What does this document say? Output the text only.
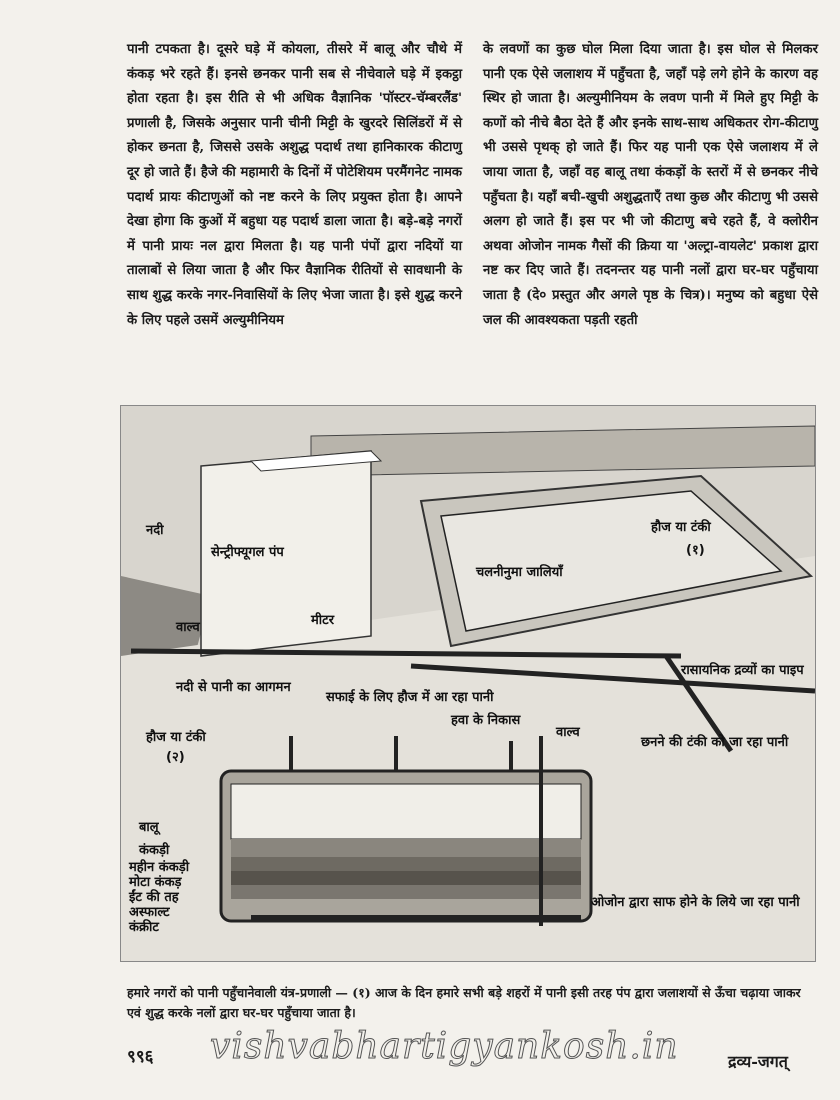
पानी टपकता है। दूसरे घड़े में कोयला, तीसरे में बालू और चौथे में कंकड़ भरे रहते हैं। इनसे छनकर पानी सब से नीचेवाले घड़े में इकट्ठा होता रहता है। इस रीति से भी अधिक वैज्ञानिक 'पॉस्टर-चॅम्बरलैंड' प्रणाली है, जिसके अनुसार पानी चीनी मिट्टी के खुरदरे सिलिंडरों में से होकर छनता है, जिससे उसके अशुद्ध पदार्थ तथा हानिकारक कीटाणु दूर हो जाते हैं। हैजे की महामारी के दिनों में पोटेशियम परमैंगनेट नामक पदार्थ प्रायः कीटाणुओं को नष्ट करने के लिए प्रयुक्त होता है। आपने देखा होगा कि कुओं में बहुधा यह पदार्थ डाला जाता है। बड़े-बड़े नगरों में पानी प्रायः नल द्वारा मिलता है। यह पानी पंपों द्वारा नदियों या तालाबों से लिया जाता है और फिर वैज्ञानिक रीतियों से सावधानी के साथ शुद्ध करके नगर-निवासियों के लिए भेजा जाता है। इसे शुद्ध करने के लिए पहले उसमें अल्युमीनियम
के लवणों का कुछ घोल मिला दिया जाता है। इस घोल से मिलकर पानी एक ऐसे जलाशय में पहुँचता है, जहाँ पड़े लगे होने के कारण वह स्थिर हो जाता है। अल्युमीनियम के लवण पानी में मिले हुए मिट्टी के कणों को नीचे बैठा देते हैं और इनके साथ-साथ अधिकतर रोग-कीटाणु भी उससे पृथक् हो जाते हैं। फिर यह पानी एक ऐसे जलाशय में ले जाया जाता है, जहाँ वह बालू तथा कंकड़ों के स्तरों में से छनकर नीचे पहुँचता है। यहाँ बची-खुची अशुद्धताएँ तथा कुछ और कीटाणु भी उससे अलग हो जाते हैं। इस पर भी जो कीटाणु बचे रहते हैं, वे क्लोरीन अथवा ओजोन नामक गैसों की क्रिया या 'अल्ट्रा-वायलेट' प्रकाश द्वारा नष्ट कर दिए जाते हैं। तदनन्तर यह पानी नलों द्वारा घर-घर पहुँचाया जाता है (दे० प्रस्तुत और अगले पृष्ठ के चित्र)। मनुष्य को बहुधा ऐसे जल की आवश्यकता पड़ती रहती
नदी
सेन्ट्रीफ्यूगल पंप
वाल्व	मीटर
नदी से पानी का आगमन
चलनीनुमा जालियाँ
हौज या टंकी
(१)
रासायनिक द्रव्यों का पाइप
सफाई के लिए हौज में आ रहा पानी
हवा के निकास
वाल्व
हौज या टंकी
(२)
छनने की टंकी को जा रहा पानी
बालू
कंकड़ी
महीन कंकड़ी
मोटा कंकड़
ईंट की तह
अस्फाल्ट
कंक्रीट
ओजोन द्वारा साफ होने के लिये जा रहा पानी
हमारे नगरों को पानी पहुँचानेवाली यंत्र-प्रणाली — (१) आज के दिन हमारे सभी बड़े शहरों में पानी इसी तरह पंप द्वारा जलाशयों से ऊँचा चढ़ाया जाकर एवं शुद्ध करके नलों द्वारा घर-घर पहुँचाया जाता है।
९९६ vishvabhartigyankosh.in	द्रव्य-जगत्
